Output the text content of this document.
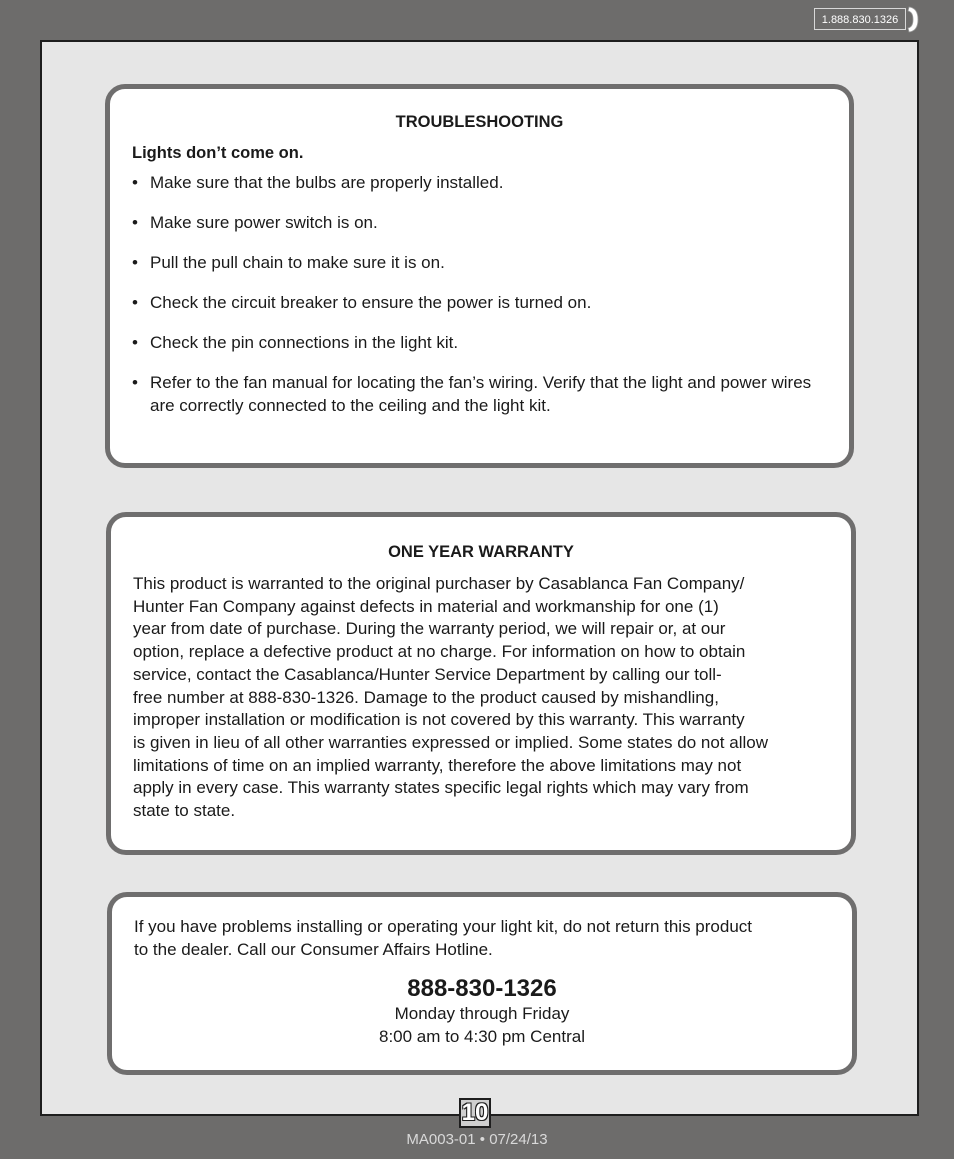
1.888.830.1326
TROUBLESHOOTING

Lights don’t come on.

• Make sure that the bulbs are properly installed.
• Make sure power switch is on.
• Pull the pull chain to make sure it is on.
• Check the circuit breaker to ensure the power is turned on.
• Check the pin connections in the light kit.
• Refer to the fan manual for locating the fan’s wiring. Verify that the light and power wires are correctly connected to the ceiling and the light kit.
ONE YEAR WARRANTY

This product is warranted to the original purchaser by Casablanca Fan Company/
Hunter Fan Company against defects in material and workmanship for one (1)
year from date of purchase. During the warranty period, we will repair or, at our
option, replace a defective product at no charge. For information on how to obtain
service, contact the Casablanca/Hunter Service Department by calling our toll-
free number at 888-830-1326. Damage to the product caused by mishandling,
improper installation or modification is not covered by this warranty. This warranty
is given in lieu of all other warranties expressed or implied. Some states do not allow
limitations of time on an implied warranty, therefore the above limitations may not
apply in every case. This warranty states specific legal rights which may vary from
state to state.

If you have problems installing or operating your light kit, do not return this product
to the dealer. Call our Consumer Affairs Hotline.

888-830-1326

Monday through Friday

8:00 am to 4:30 pm Central

10
MA003-01 • 07/24/13
